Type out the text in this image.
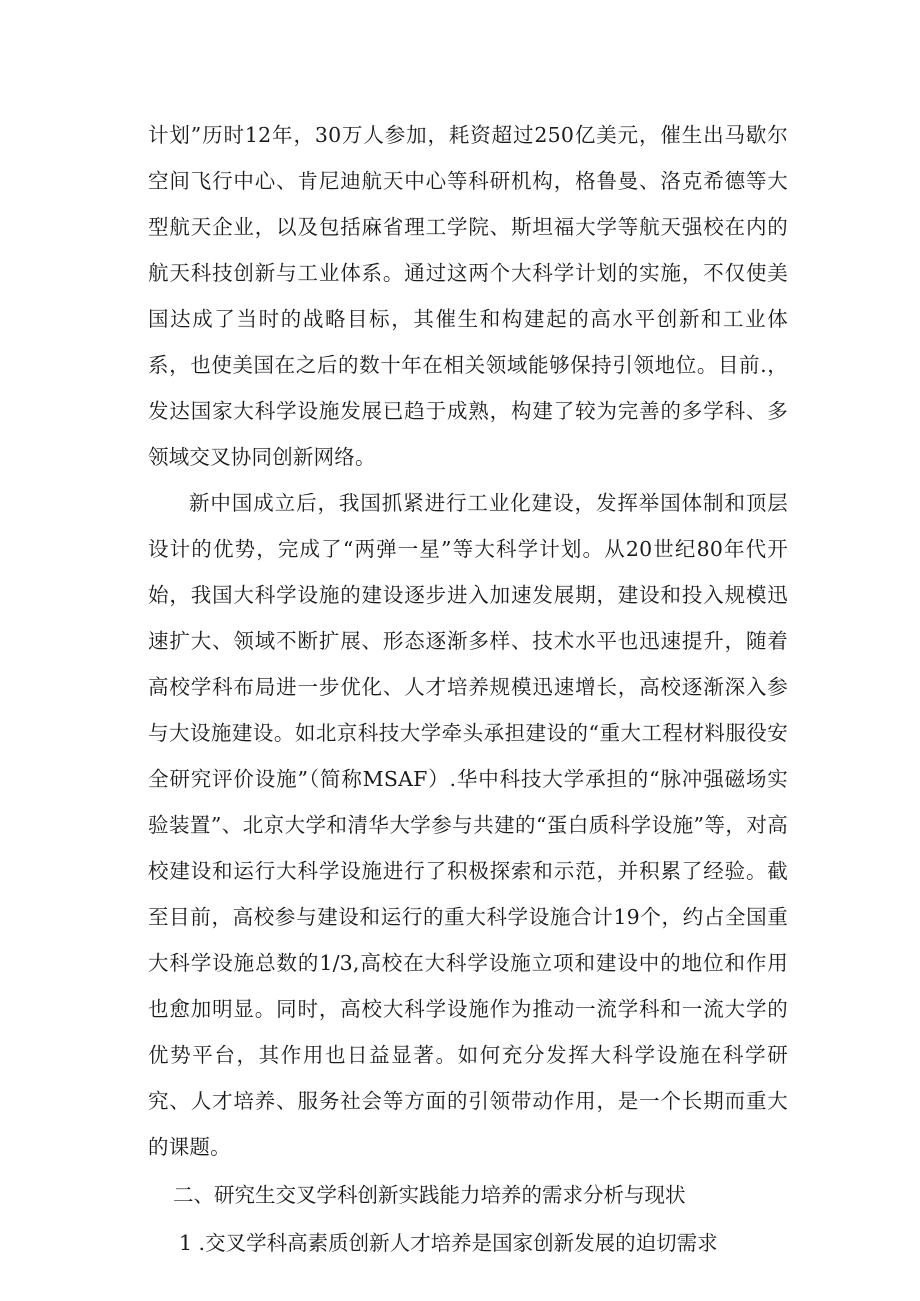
计划”历时12年，30万人参加，耗资超过250亿美元，催生出马歇尔空间飞行中心、肯尼迪航天中心等科研机构，格鲁曼、洛克希德等大型航天企业，以及包括麻省理工学院、斯坦福大学等航天强校在内的航天科技创新与工业体系。通过这两个大科学计划的实施，不仅使美国达成了当时的战略目标，其催生和构建起的高水平创新和工业体系，也使美国在之后的数十年在相关领域能够保持引领地位。目前.，发达国家大科学设施发展已趋于成熟，构建了较为完善的多学科、多领域交叉协同创新网络。

新中国成立后，我国抓紧进行工业化建设，发挥举国体制和顶层设计的优势，完成了“两弹一星”等大科学计划。从20世纪80年代开始，我国大科学设施的建设逐步进入加速发展期，建设和投入规模迅速扩大、领域不断扩展、形态逐渐多样、技术水平也迅速提升，随着高校学科布局进一步优化、人才培养规模迅速增长，高校逐渐深入参与大设施建设。如北京科技大学牵头承担建设的“重大工程材料服役安全研究评价设施”（简称MSAF）.华中科技大学承担的“脉冲强磁场实验装置”、北京大学和清华大学参与共建的“蛋白质科学设施”等，对高校建设和运行大科学设施进行了积极探索和示范，并积累了经验。截至目前，高校参与建设和运行的重大科学设施合计19个，约占全国重大科学设施总数的1/3,高校在大科学设施立项和建设中的地位和作用也愈加明显。同时，高校大科学设施作为推动一流学科和一流大学的优势平台，其作用也日益显著。如何充分发挥大科学设施在科学研究、人才培养、服务社会等方面的引领带动作用，是一个长期而重大的课题。

二、研究生交叉学科创新实践能力培养的需求分析与现状
1 .交叉学科高素质创新人才培养是国家创新发展的迫切需求
